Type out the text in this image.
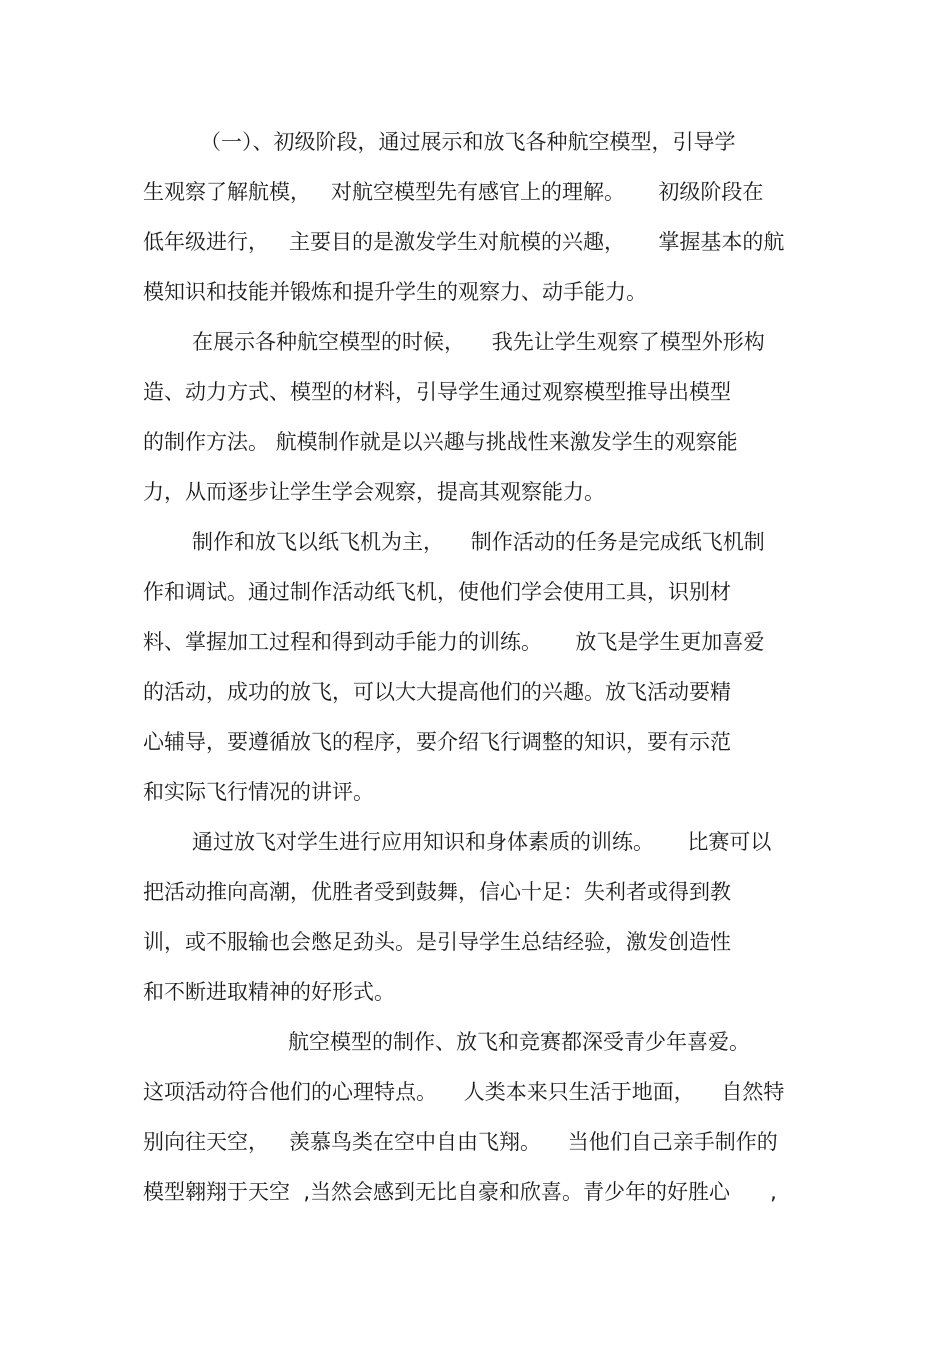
（一）、初级阶段，通过展示和放飞各种航空模型，引导学

生观察了解航模，   对航空模型先有感官上的理解。     初级阶段在

低年级进行，   主要目的是激发学生对航模的兴趣，     掌握基本的航

模知识和技能并锻炼和提升学生的观察力、动手能力。

在展示各种航空模型的时候，    我先让学生观察了模型外形构

造、动力方式、模型的材料，引导学生通过观察模型推导出模型

的制作方法。 航模制作就是以兴趣与挑战性来激发学生的观察能

力，从而逐步让学生学会观察，提高其观察能力。

制作和放飞以纸飞机为主，    制作活动的任务是完成纸飞机制

作和调试。通过制作活动纸飞机，使他们学会使用工具，识别材

料、掌握加工过程和得到动手能力的训练。     放飞是学生更加喜爱

的活动，成功的放飞，可以大大提高他们的兴趣。放飞活动要精

心辅导，要遵循放飞的程序，要介绍飞行调整的知识，要有示范

和实际飞行情况的讲评。

通过放飞对学生进行应用知识和身体素质的训练。     比赛可以

把活动推向高潮，优胜者受到鼓舞，信心十足：失利者或得到教

训，或不服输也会憋足劲头。是引导学生总结经验，激发创造性

和不断进取精神的好形式。

航空模型的制作、放飞和竞赛都深受青少年喜爱。

这项活动符合他们的心理特点。    人类本来只生活于地面，    自然特

别向往天空，   羡慕鸟类在空中自由飞翔。    当他们自己亲手制作的

模型翱翔于天空  ,当然会感到无比自豪和欣喜。青少年的好胜心      ,
